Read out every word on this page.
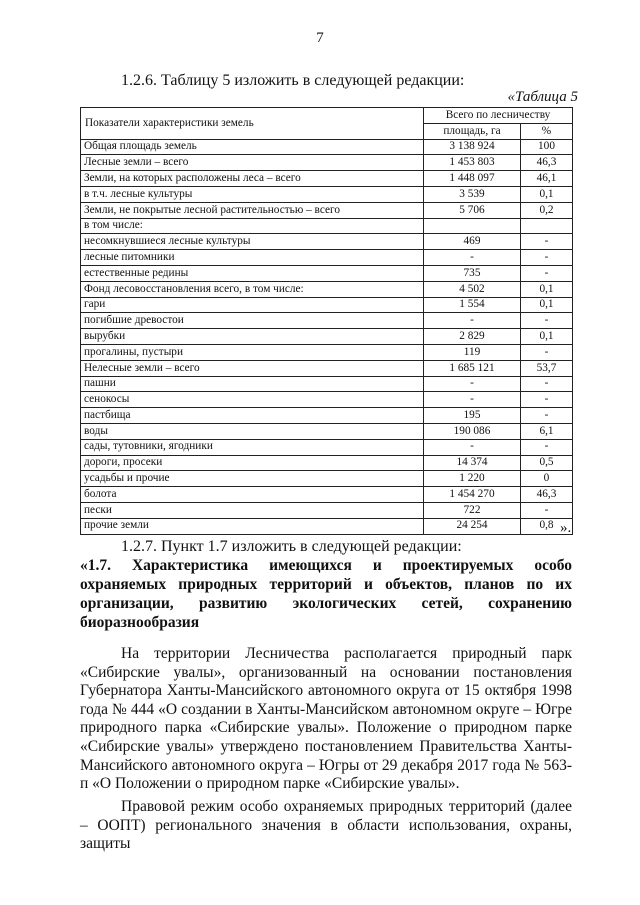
7
1.2.6. Таблицу 5 изложить в следующей редакции:
«Таблица 5
Показатели характеристики земель	Всего по лесничеству	
	площадь, га	%
Общая площадь земель	3 138 924	100
Лесные земли – всего	1 453 803	46,3
Земли, на которых расположены леса – всего	1 448 097	46,1
в т.ч. лесные культуры	3 539	0,1
Земли, не покрытые лесной растительностью – всего	5 706	0,2
в том числе:		
несомкнувшиеся лесные культуры	469	-
лесные питомники	-	-
естественные редины	735	-
Фонд лесовосстановления всего, в том числе:	4 502	0,1
гари	1 554	0,1
погибшие древостои	-	-
вырубки	2 829	0,1
прогалины, пустыри	119	-
Нелесные земли – всего	1 685 121	53,7
пашни	-	-
сенокосы	-	-
пастбища	195	-
воды	190 086	6,1
сады, тутовники, ягодники	-	-
дороги, просеки	14 374	0,5
усадьбы и прочие	1 220	0
болота	1 454 270	46,3
пески	722	-
прочие земли	24 254	0,8 ».
1.2.7. Пункт 1.7 изложить в следующей редакции:
«1.7. Характеристика имеющихся и проектируемых особо охраняемых природных территорий и объектов, планов по их организации, развитию экологических сетей, сохранению биоразнообразия
На территории Лесничества располагается природный парк «Сибирские увалы», организованный на основании постановления Губернатора Ханты-Мансийского автономного округа от 15 октября 1998 года № 444 «О создании в Ханты-Мансийском автономном округе – Югре природного парка «Сибирские увалы». Положение о природном парке «Сибирские увалы» утверждено постановлением Правительства Ханты-Мансийского автономного округа – Югры от 29 декабря 2017 года № 563-п «О Положении о природном парке «Сибирские увалы».
Правовой режим особо охраняемых природных территорий (далее – ООПТ) регионального значения в области использования, охраны, защиты
